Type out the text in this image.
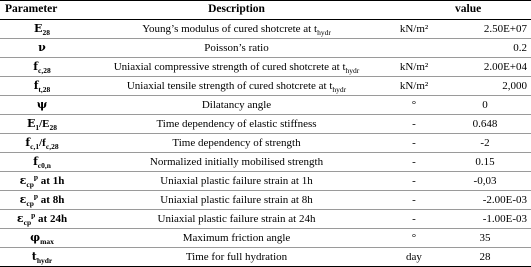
Parameter	Description		value
$E_{28}$	Young’s modulus of cured shotcrete at $t_{hydr}$	kN/m²	2.50E+07
ν	Poisson’s ratio		0.2
$f_{c,28}$	Uniaxial compressive strength of cured shotcrete at $t_{hydr}$	kN/m²	2.00E+04
$f_{t,28}$	Uniaxial tensile strength of cured shotcrete at $t_{hydr}$	kN/m²	2,000
ψ	Dilatancy angle	°	0
$E_1/E_{28}$	Time dependency of elastic stiffness	-	0.648
$f_{c,1}/f_{c,28}$	Time dependency of strength	-	-2
$f_{c0,n}$	Normalized initially mobilised strength	-	0.15
$\varepsilon_{cp}^p$ at 1h	Uniaxial plastic failure strain at 1h	-	-0,03
$\varepsilon_{cp}^p$ at 8h	Uniaxial plastic failure strain at 8h	-	-2.00E-03
$\varepsilon_{cp}^p$ at 24h	Uniaxial plastic failure strain at 24h	-	-1.00E-03
$\varphi_{max}$	Maximum friction angle	°	35
$t_{hydr}$	Time for full hydration	day	28
